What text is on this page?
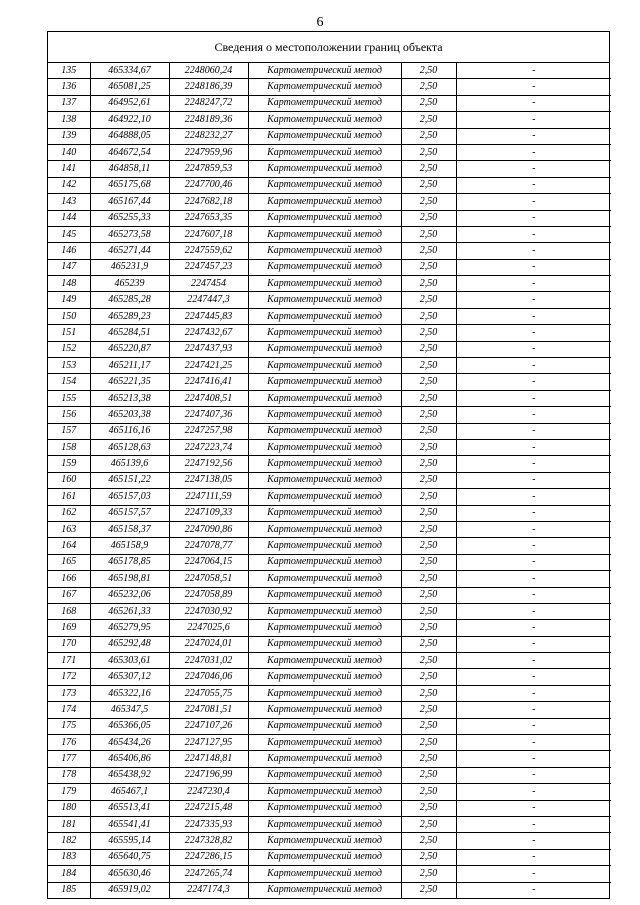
6
Сведения о местоположении границ объекта
135	465334,67	2248060,24	Картометрический метод	2,50	-
136	465081,25	2248186,39	Картометрический метод	2,50	-
137	464952,61	2248247,72	Картометрический метод	2,50	-
138	464922,10	2248189,36	Картометрический метод	2,50	-
139	464888,05	2248232,27	Картометрический метод	2,50	-
140	464672,54	2247959,96	Картометрический метод	2,50	-
141	464858,11	2247859,53	Картометрический метод	2,50	-
142	465175,68	2247700,46	Картометрический метод	2,50	-
143	465167,44	2247682,18	Картометрический метод	2,50	-
144	465255,33	2247653,35	Картометрический метод	2,50	-
145	465273,58	2247607,18	Картометрический метод	2,50	-
146	465271,44	2247559,62	Картометрический метод	2,50	-
147	465231,9	2247457,23	Картометрический метод	2,50	-
148	465239	2247454	Картометрический метод	2,50	-
149	465285,28	2247447,3	Картометрический метод	2,50	-
150	465289,23	2247445,83	Картометрический метод	2,50	-
151	465284,51	2247432,67	Картометрический метод	2,50	-
152	465220,87	2247437,93	Картометрический метод	2,50	-
153	465211,17	2247421,25	Картометрический метод	2,50	-
154	465221,35	2247416,41	Картометрический метод	2,50	-
155	465213,38	2247408,51	Картометрический метод	2,50	-
156	465203,38	2247407,36	Картометрический метод	2,50	-
157	465116,16	2247257,98	Картометрический метод	2,50	-
158	465128,63	2247223,74	Картометрический метод	2,50	-
159	465139,6	2247192,56	Картометрический метод	2,50	-
160	465151,22	2247138,05	Картометрический метод	2,50	-
161	465157,03	2247111,59	Картометрический метод	2,50	-
162	465157,57	2247109,33	Картометрический метод	2,50	-
163	465158,37	2247090,86	Картометрический метод	2,50	-
164	465158,9	2247078,77	Картометрический метод	2,50	-
165	465178,85	2247064,15	Картометрический метод	2,50	-
166	465198,81	2247058,51	Картометрический метод	2,50	-
167	465232,06	2247058,89	Картометрический метод	2,50	-
168	465261,33	2247030,92	Картометрический метод	2,50	-
169	465279,95	2247025,6	Картометрический метод	2,50	-
170	465292,48	2247024,01	Картометрический метод	2,50	-
171	465303,61	2247031,02	Картометрический метод	2,50	-
172	465307,12	2247046,06	Картометрический метод	2,50	-
173	465322,16	2247055,75	Картометрический метод	2,50	-
174	465347,5	2247081,51	Картометрический метод	2,50	-
175	465366,05	2247107,26	Картометрический метод	2,50	-
176	465434,26	2247127,95	Картометрический метод	2,50	-
177	465406,86	2247148,81	Картометрический метод	2,50	-
178	465438,92	2247196,99	Картометрический метод	2,50	-
179	465467,1	2247230,4	Картометрический метод	2,50	-
180	465513,41	2247215,48	Картометрический метод	2,50	-
181	465541,41	2247335,93	Картометрический метод	2,50	-
182	465595,14	2247328,82	Картометрический метод	2,50	-
183	465640,75	2247286,15	Картометрический метод	2,50	-
184	465630,46	2247265,74	Картометрический метод	2,50	-
185	465919,02	2247174,3	Картометрический метод	2,50	-
